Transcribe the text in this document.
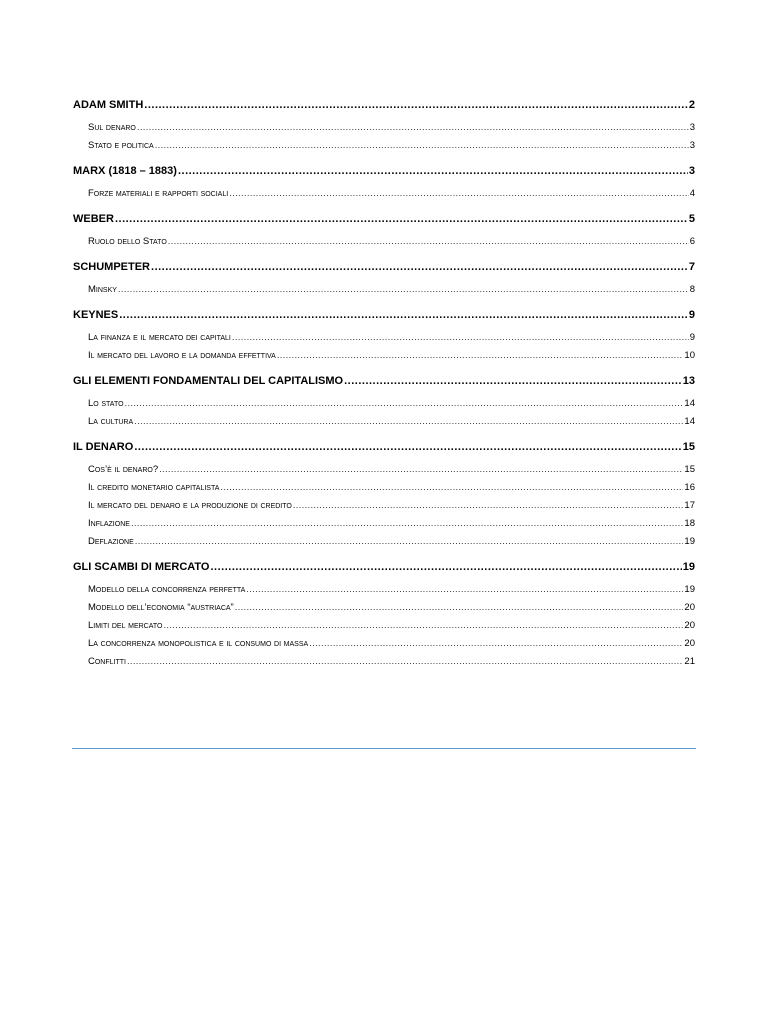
ADAM SMITH .....	2
Sul denaro .....	3
Stato e politica .....	3
MARX (1818 – 1883) .....	3
Forze materiali e rapporti sociali .....	4
WEBER .....	5
Ruolo dello Stato .....	6
SCHUMPETER .....	7
Minsky .....	8
KEYNES .....	9
La finanza e il mercato dei capitali .....	9
Il mercato del lavoro e la domanda effettiva .....	10
GLI ELEMENTI FONDAMENTALI DEL CAPITALISMO .....	13
Lo stato .....	14
La cultura .....	14
IL DENARO .....	15
Cos’è il denaro? .....	15
Il credito monetario capitalista .....	16
Il mercato del denaro e la produzione di credito .....	17
Inflazione .....	18
Deflazione .....	19
GLI SCAMBI DI MERCATO .....	19
Modello della concorrenza perfetta .....	19
Modello dell’economia “austriaca” .....	20
Limiti del mercato .....	20
La concorrenza monopolistica e il consumo di massa .....	20
Conflitti .....	21
